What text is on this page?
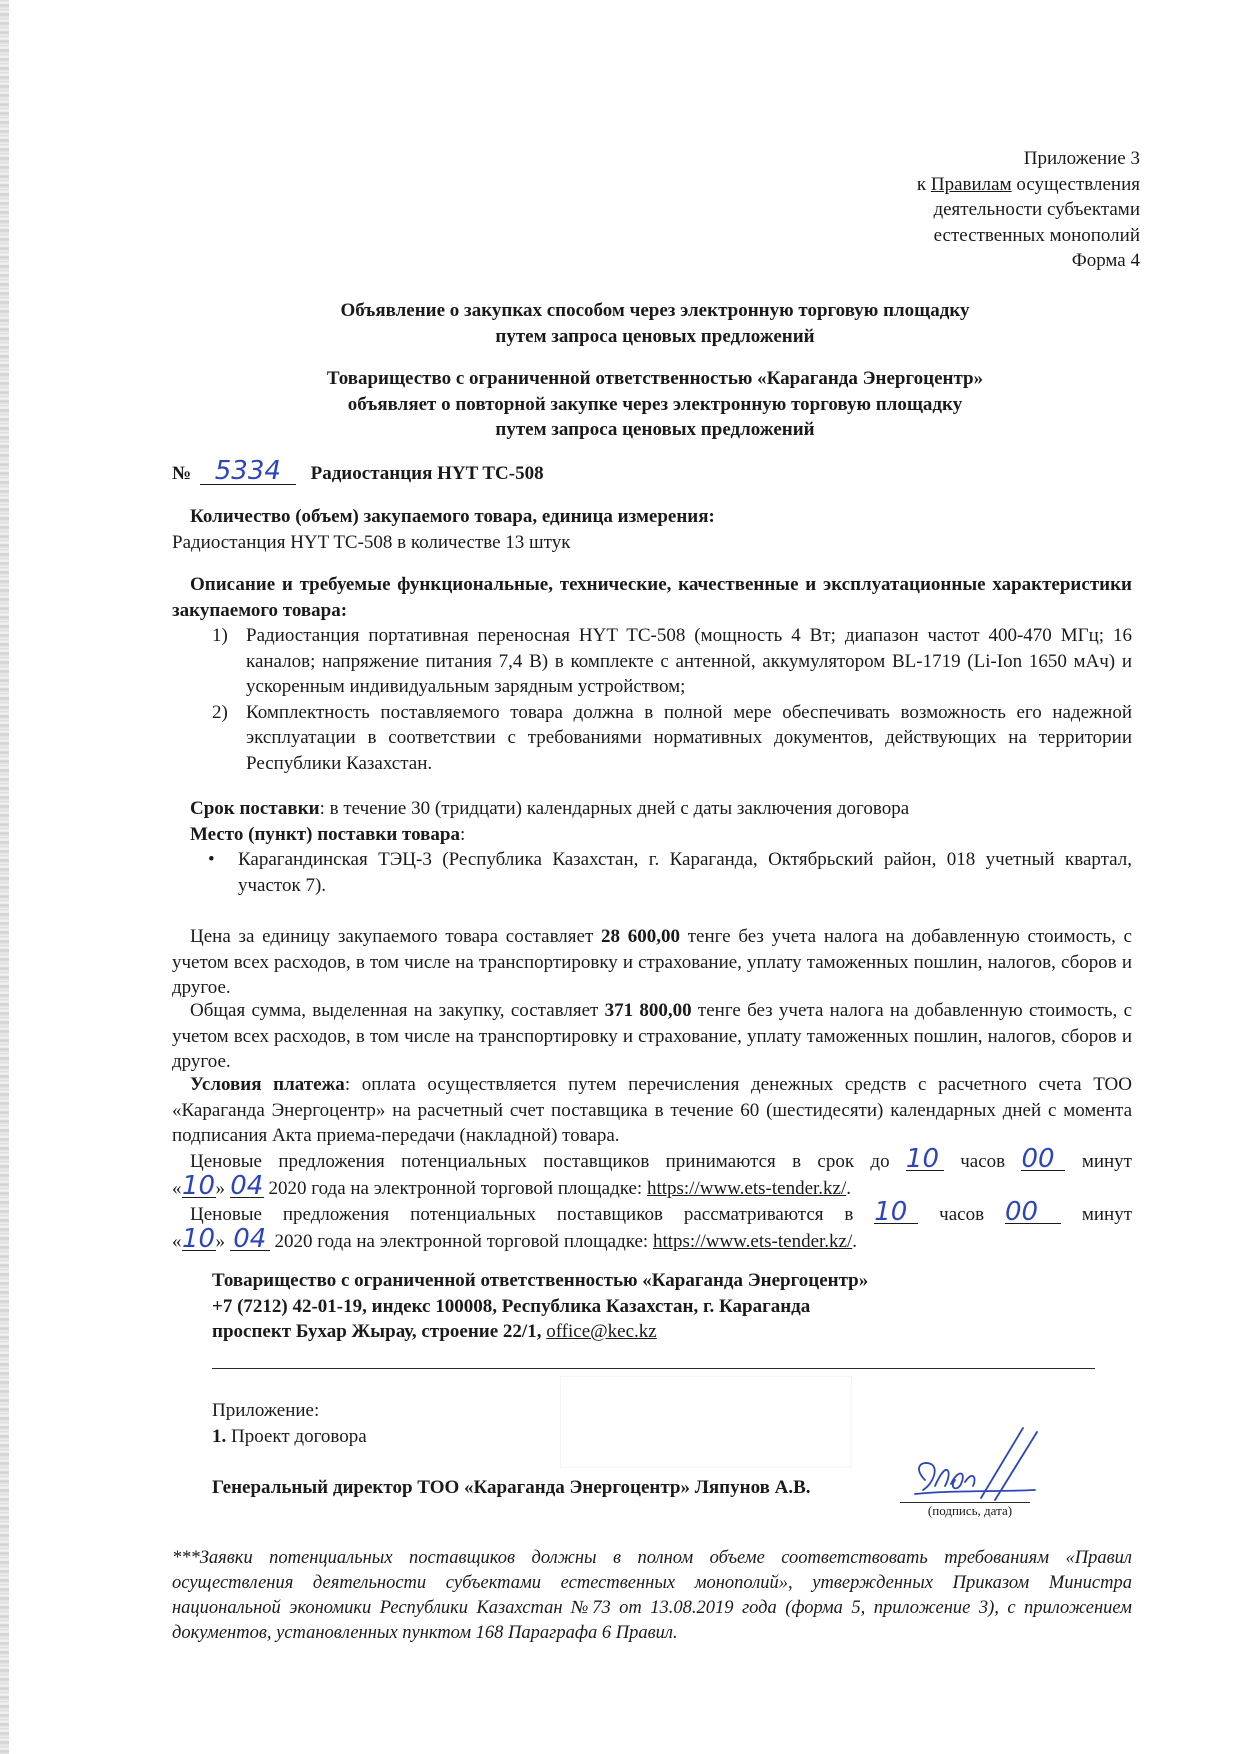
Приложение 3
к Правилам осуществления
деятельности субъектами
естественных монополий
Форма 4
Объявление о закупках способом через электронную торговую площадку
путем запроса ценовых предложений
Товарищество с ограниченной ответственностью «Караганда Энергоцентр»
объявляет о повторной закупке через электронную торговую площадку
путем запроса ценовых предложений
№ 5334 Радиостанция HYT TC-508
Количество (объем) закупаемого товара, единица измерения:
Радиостанция HYT TC-508 в количестве 13 штук
Описание и требуемые функциональные, технические, качественные и эксплуатационные характеристики закупаемого товара:
1) Радиостанция портативная переносная HYT TC-508 (мощность 4 Вт; диапазон частот 400-470 МГц; 16 каналов; напряжение питания 7,4 В) в комплекте с антенной, аккумулятором BL-1719 (Li-Ion 1650 мАч) и ускоренным индивидуальным зарядным устройством;
2) Комплектность поставляемого товара должна в полной мере обеспечивать возможность его надежной эксплуатации в соответствии с требованиями нормативных документов, действующих на территории Республики Казахстан.
Срок поставки: в течение 30 (тридцати) календарных дней с даты заключения договора
Место (пункт) поставки товара:
• Карагандинская ТЭЦ-3 (Республика Казахстан, г. Караганда, Октябрьский район, 018 учетный квартал, участок 7).
Цена за единицу закупаемого товара составляет 28 600,00 тенге без учета налога на добавленную стоимость, с учетом всех расходов, в том числе на транспортировку и страхование, уплату таможенных пошлин, налогов, сборов и другое.
Общая сумма, выделенная на закупку, составляет 371 800,00 тенге без учета налога на добавленную стоимость, с учетом всех расходов, в том числе на транспортировку и страхование, уплату таможенных пошлин, налогов, сборов и другое.
Условия платежа: оплата осуществляется путем перечисления денежных средств с расчетного счета ТОО «Караганда Энергоцентр» на расчетный счет поставщика в течение 60 (шестидесяти) календарных дней с момента подписания Акта приема-передачи (накладной) товара.
Ценовые предложения потенциальных поставщиков принимаются в срок до 10 часов 00 минут
«10» 04 2020 года на электронной торговой площадке: https://www.ets-tender.kz/.
Ценовые предложения потенциальных поставщиков рассматриваются в 10 часов 00 минут
«10» 04 2020 года на электронной торговой площадке: https://www.ets-tender.kz/.
Товарищество с ограниченной ответственностью «Караганда Энергоцентр»
+7 (7212) 42-01-19, индекс 100008, Республика Казахстан, г. Караганда
проспект Бухар Жырау, строение 22/1, office@kec.kz
Приложение:
1. Проект договора
Генеральный директор ТОО «Караганда Энергоцентр» Ляпунов А.В.
(подпись, дата)
***Заявки потенциальных поставщиков должны в полном объеме соответствовать требованиям «Правил осуществления деятельности субъектами естественных монополий», утвержденных Приказом Министра национальной экономики Республики Казахстан №73 от 13.08.2019 года (форма 5, приложение 3), с приложением документов, установленных пунктом 168 Параграфа 6 Правил.
